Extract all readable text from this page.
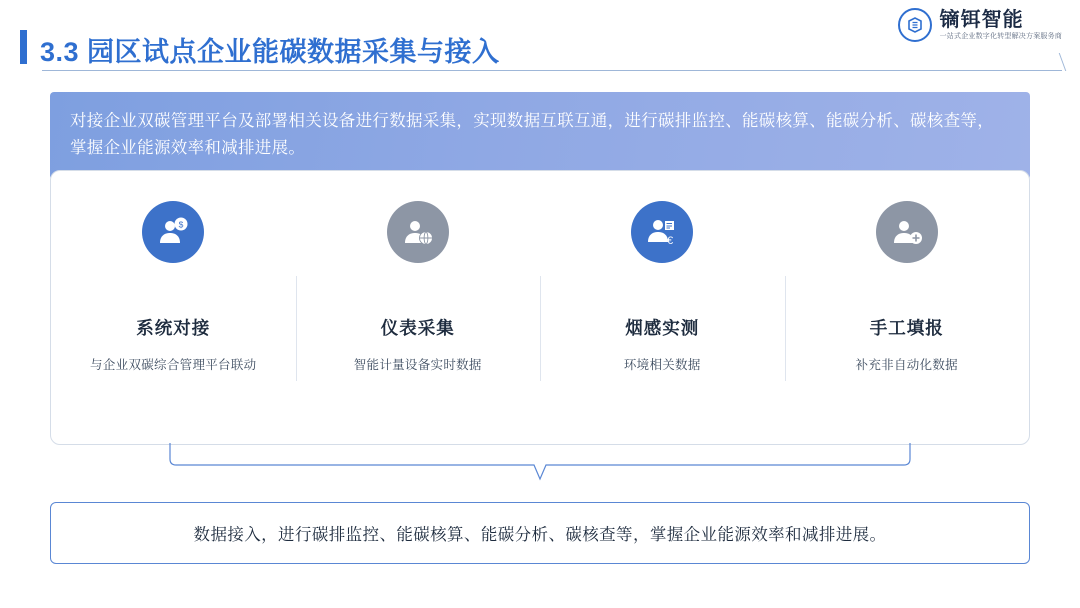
3.3 园区试点企业能碳数据采集与接入
镝铒智能
一站式企业数字化转型解决方案服务商
对接企业双碳管理平台及部署相关设备进行数据采集，实现数据互联互通，进行碳排监控、能碳核算、能碳分析、碳核查等，掌握企业能源效率和减排进展。
$
系统对接
与企业双碳综合管理平台联动
仪表采集
智能计量设备实时数据
€
烟感实测
环境相关数据
手工填报
补充非自动化数据
数据接入，进行碳排监控、能碳核算、能碳分析、碳核查等，掌握企业能源效率和减排进展。
